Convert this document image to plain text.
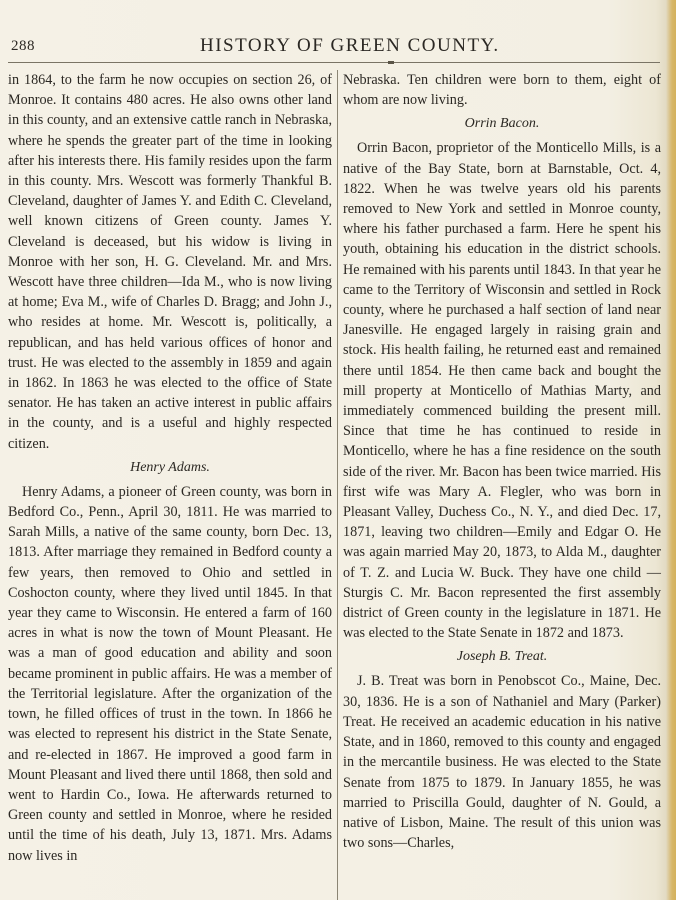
288	HISTORY OF GREEN COUNTY.

in 1864, to the farm he now occupies on section 26, of Monroe. It contains 480 acres. He also owns other land in this county, and an extensive cattle ranch in Nebraska, where he spends the greater part of the time in looking after his interests there. His family resides upon the farm in this county. Mrs. Wescott was formerly Thankful B. Cleveland, daughter of James Y. and Edith C. Cleveland, well known citizens of Green county. James Y. Cleveland is deceased, but his widow is living in Monroe with her son, H. G. Cleveland. Mr. and Mrs. Wescott have three children—Ida M., who is now living at home; Eva M., wife of Charles D. Bragg; and John J., who resides at home. Mr. Wescott is, politically, a republican, and has held various offices of honor and trust. He was elected to the assembly in 1859 and again in 1862. In 1863 he was elected to the office of State senator. He has taken an active interest in public affairs in the county, and is a useful and highly respected citizen.

Henry Adams.

Henry Adams, a pioneer of Green county, was born in Bedford Co., Penn., April 30, 1811. He was married to Sarah Mills, a native of the same county, born Dec. 13, 1813. After marriage they remained in Bedford county a few years, then removed to Ohio and settled in Coshocton county, where they lived until 1845. In that year they came to Wisconsin. He entered a farm of 160 acres in what is now the town of Mount Pleasant. He was a man of good education and ability and soon became prominent in public affairs. He was a member of the Territorial legislature. After the organization of the town, he filled offices of trust in the town. In 1866 he was elected to represent his district in the State Senate, and re-elected in 1867. He improved a good farm in Mount Pleasant and lived there until 1868, then sold and went to Hardin Co., Iowa. He afterwards returned to Green county and settled in Monroe, where he resided until the time of his death, July 13, 1871. Mrs. Adams now lives in

Nebraska. Ten children were born to them, eight of whom are now living.

Orrin Bacon.

Orrin Bacon, proprietor of the Monticello Mills, is a native of the Bay State, born at Barnstable, Oct. 4, 1822. When he was twelve years old his parents removed to New York and settled in Monroe county, where his father purchased a farm. Here he spent his youth, obtaining his education in the district schools. He remained with his parents until 1843. In that year he came to the Territory of Wisconsin and settled in Rock county, where he purchased a half section of land near Janesville. He engaged largely in raising grain and stock. His health failing, he returned east and remained there until 1854. He then came back and bought the mill property at Monticello of Mathias Marty, and immediately commenced building the present mill. Since that time he has continued to reside in Monticello, where he has a fine residence on the south side of the river. Mr. Bacon has been twice married. His first wife was Mary A. Flegler, who was born in Pleasant Valley, Duchess Co., N. Y., and died Dec. 17, 1871, leaving two children—Emily and Edgar O. He was again married May 20, 1873, to Alda M., daughter of T. Z. and Lucia W. Buck. They have one child —Sturgis C. Mr. Bacon represented the first assembly district of Green county in the legislature in 1871. He was elected to the State Senate in 1872 and 1873.

Joseph B. Treat.

J. B. Treat was born in Penobscot Co., Maine, Dec. 30, 1836. He is a son of Nathaniel and Mary (Parker) Treat. He received an academic education in his native State, and in 1860, removed to this county and engaged in the mercantile business. He was elected to the State Senate from 1875 to 1879. In January 1855, he was married to Priscilla Gould, daughter of N. Gould, a native of Lisbon, Maine. The result of this union was two sons—Charles,
